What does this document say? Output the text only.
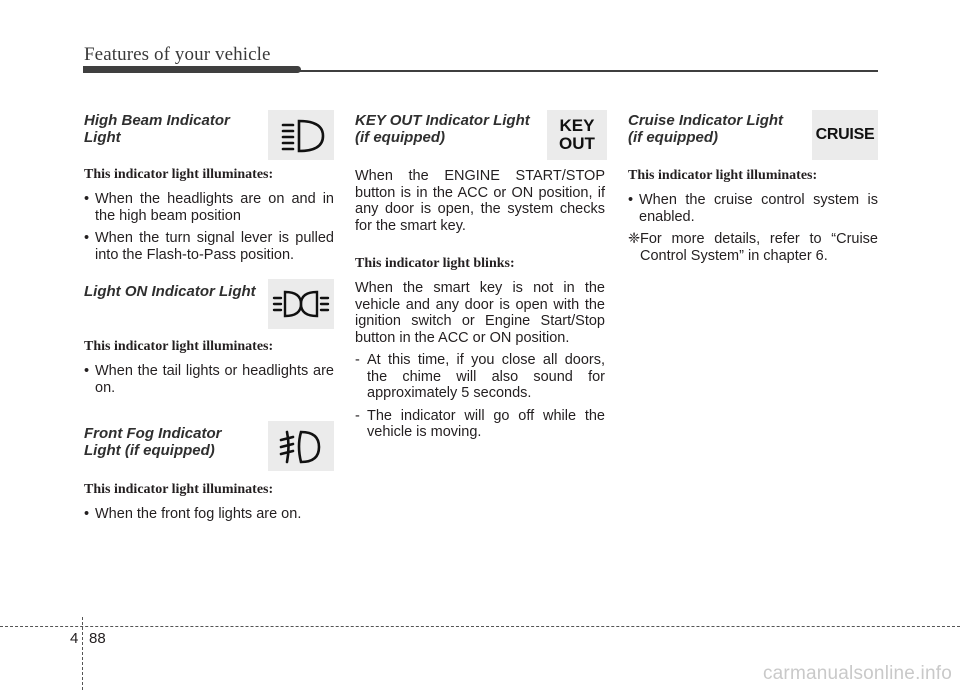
Features of your vehicle

High Beam Indicator
Light

This indicator light illuminates:

• When the headlights are on and in the high beam position
• When the turn signal lever is pulled into the Flash-to-Pass position.

Light ON Indicator Light

This indicator light illuminates:

• When the tail lights or headlights are on.

Front Fog Indicator
Light (if equipped)

This indicator light illuminates:

• When the front fog lights are on.

KEY OUT Indicator Light
(if equipped)

KEY
OUT

When the ENGINE START/STOP button is in the ACC or ON position, if any door is open, the system checks for the smart key.

This indicator light blinks:

When the smart key is not in the vehicle and any door is open with the ignition switch or Engine Start/Stop button in the ACC or ON position.

- At this time, if you close all doors, the chime will also sound for approximately 5 seconds.

- The indicator will go off while the vehicle is moving.

Cruise Indicator Light
(if equipped)	CRUISE

This indicator light illuminates:

• When the cruise control system is enabled.

❈ For more details, refer to “Cruise Control System” in chapter 6.

4 88
carmanualsonline.info
